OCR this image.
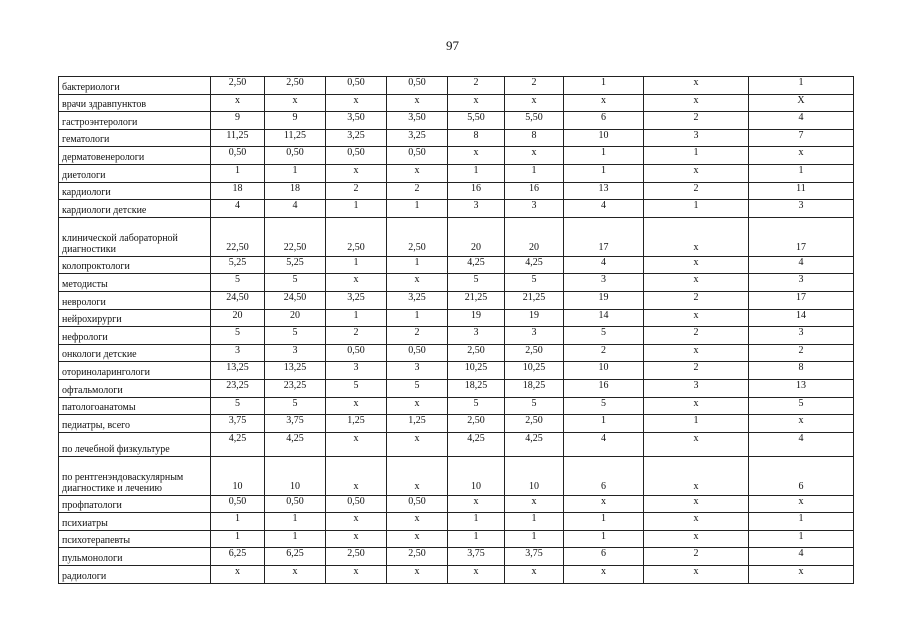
97
бактериологи	2,50	2,50	0,50	0,50	2	2	1	x	1
врачи здравпунктов	x	x	x	x	x	x	x	x	X
гастроэнтерологи	9	9	3,50	3,50	5,50	5,50	6	2	4
гематологи	11,25	11,25	3,25	3,25	8	8	10	3	7
дерматовенерологи	0,50	0,50	0,50	0,50	x	x	1	1	x
диетологи	1	1	x	x	1	1	1	x	1
кардиологи	18	18	2	2	16	16	13	2	11
кардиологи детские	4	4	1	1	3	3	4	1	3
клинической лабораторной диагностики	22,50	22,50	2,50	2,50	20	20	17	x	17
колопроктологи	5,25	5,25	1	1	4,25	4,25	4	x	4
методисты	5	5	x	x	5	5	3	x	3
неврологи	24,50	24,50	3,25	3,25	21,25	21,25	19	2	17
нейрохирурги	20	20	1	1	19	19	14	x	14
нефрологи	5	5	2	2	3	3	5	2	3
онкологи детские	3	3	0,50	0,50	2,50	2,50	2	x	2
оториноларингологи	13,25	13,25	3	3	10,25	10,25	10	2	8
офтальмологи	23,25	23,25	5	5	18,25	18,25	16	3	13
патологоанатомы	5	5	x	x	5	5	5	x	5
педиатры, всего	3,75	3,75	1,25	1,25	2,50	2,50	1	1	x
по лечебной физкультуре	4,25	4,25	x	x	4,25	4,25	4	x	4
по рентгенэндоваскулярным диагностике и лечению	10	10	x	x	10	10	6	x	6
профпатологи	0,50	0,50	0,50	0,50	x	x	x	x	x
психиатры	1	1	x	x	1	1	1	x	1
психотерапевты	1	1	x	x	1	1	1	x	1
пульмонологи	6,25	6,25	2,50	2,50	3,75	3,75	6	2	4
радиологи	x	x	x	x	x	x	x	x	x
